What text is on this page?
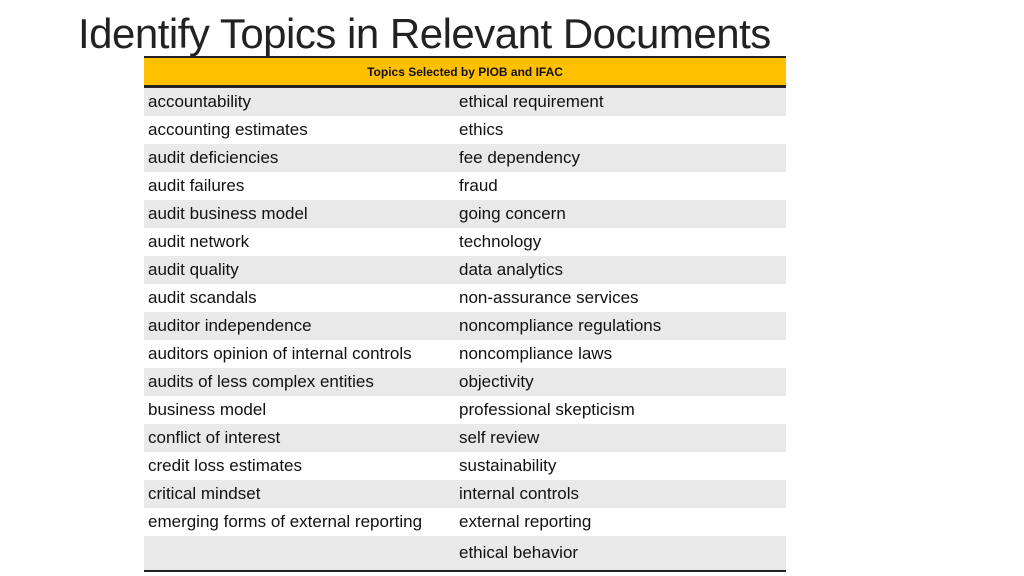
Identify Topics in Relevant Documents
Topics Selected by PIOB and IFAC	
accountability	ethical requirement
accounting estimates	ethics
audit deficiencies	fee dependency
audit failures	fraud
audit business model	going concern
audit network	technology
audit quality	data analytics
audit scandals	non-assurance services
auditor independence	noncompliance regulations
auditors opinion of internal controls	noncompliance laws
audits of less complex entities	objectivity
business model	professional skepticism
conflict of interest	self review
credit loss estimates	sustainability
critical mindset	internal controls
emerging forms of external reporting	external reporting
	ethical behavior
